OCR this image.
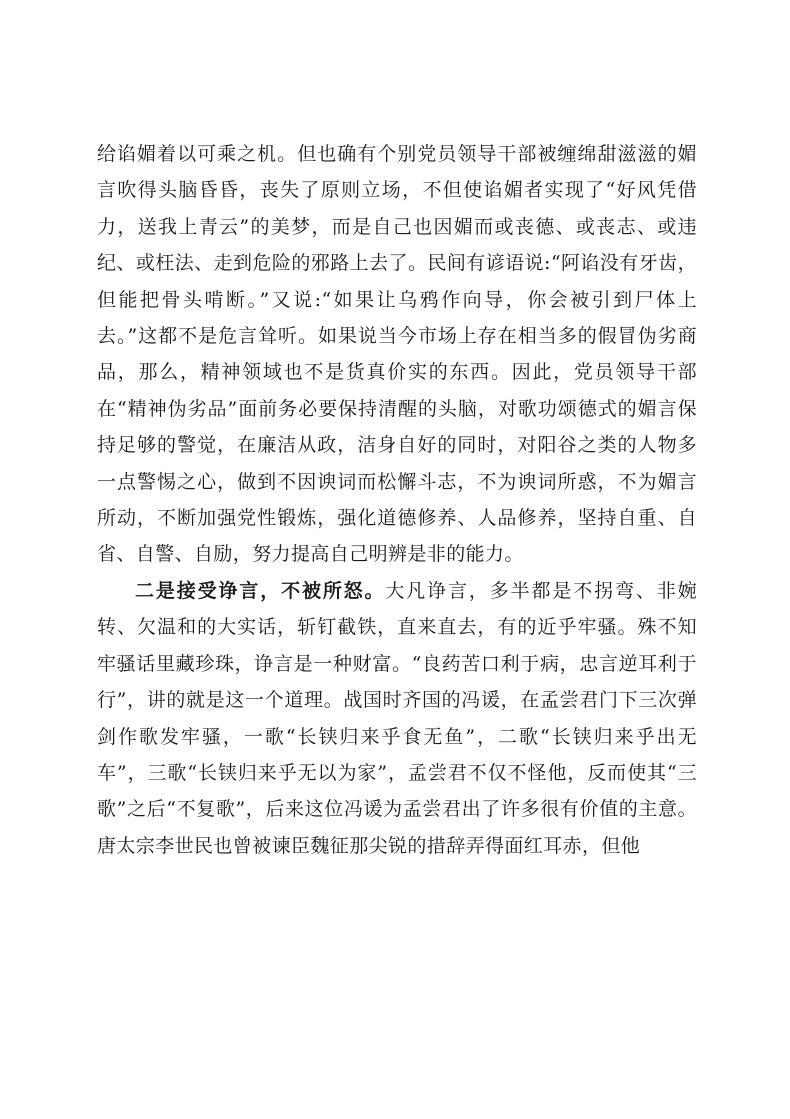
给谄媚着以可乘之机。但也确有个别党员领导干部被缠绵甜滋滋的媚言吹得头脑昏昏，丧失了原则立场，不但使谄媚者实现了“好风凭借力，送我上青云”的美梦，而是自己也因媚而或丧德、或丧志、或违纪、或枉法、走到危险的邪路上去了。民间有谚语说:“阿谄没有牙齿，但能把骨头啃断。”又说:“如果让乌鸦作向导，你会被引到尸体上去。”这都不是危言耸听。如果说当今市场上存在相当多的假冒伪劣商品，那么，精神领域也不是货真价实的东西。因此，党员领导干部在“精神伪劣品”面前务必要保持清醒的头脑，对歌功颂德式的媚言保持足够的警觉，在廉洁从政，洁身自好的同时，对阳谷之类的人物多一点警惕之心，做到不因谀词而松懈斗志，不为谀词所惑，不为媚言所动，不断加强党性锻炼，强化道德修养、人品修养，坚持自重、自省、自警、自励，努力提高自己明辨是非的能力。

二是接受诤言，不被所怒。大凡诤言，多半都是不拐弯、非婉转、欠温和的大实话，斩钉截铁，直来直去，有的近乎牢骚。殊不知牢骚话里藏珍珠，诤言是一种财富。“良药苦口利于病，忠言逆耳利于行”，讲的就是这一个道理。战国时齐国的冯谖，在孟尝君门下三次弹剑作歌发牢骚，一歌“长铗归来乎食无鱼”，二歌“长铗归来乎出无车”，三歌“长铗归来乎无以为家”，孟尝君不仅不怪他，反而使其“三歌”之后“不复歌”，后来这位冯谖为孟尝君出了许多很有价值的主意。唐太宗李世民也曾被谏臣魏征那尖锐的措辞弄得面红耳赤，但他
